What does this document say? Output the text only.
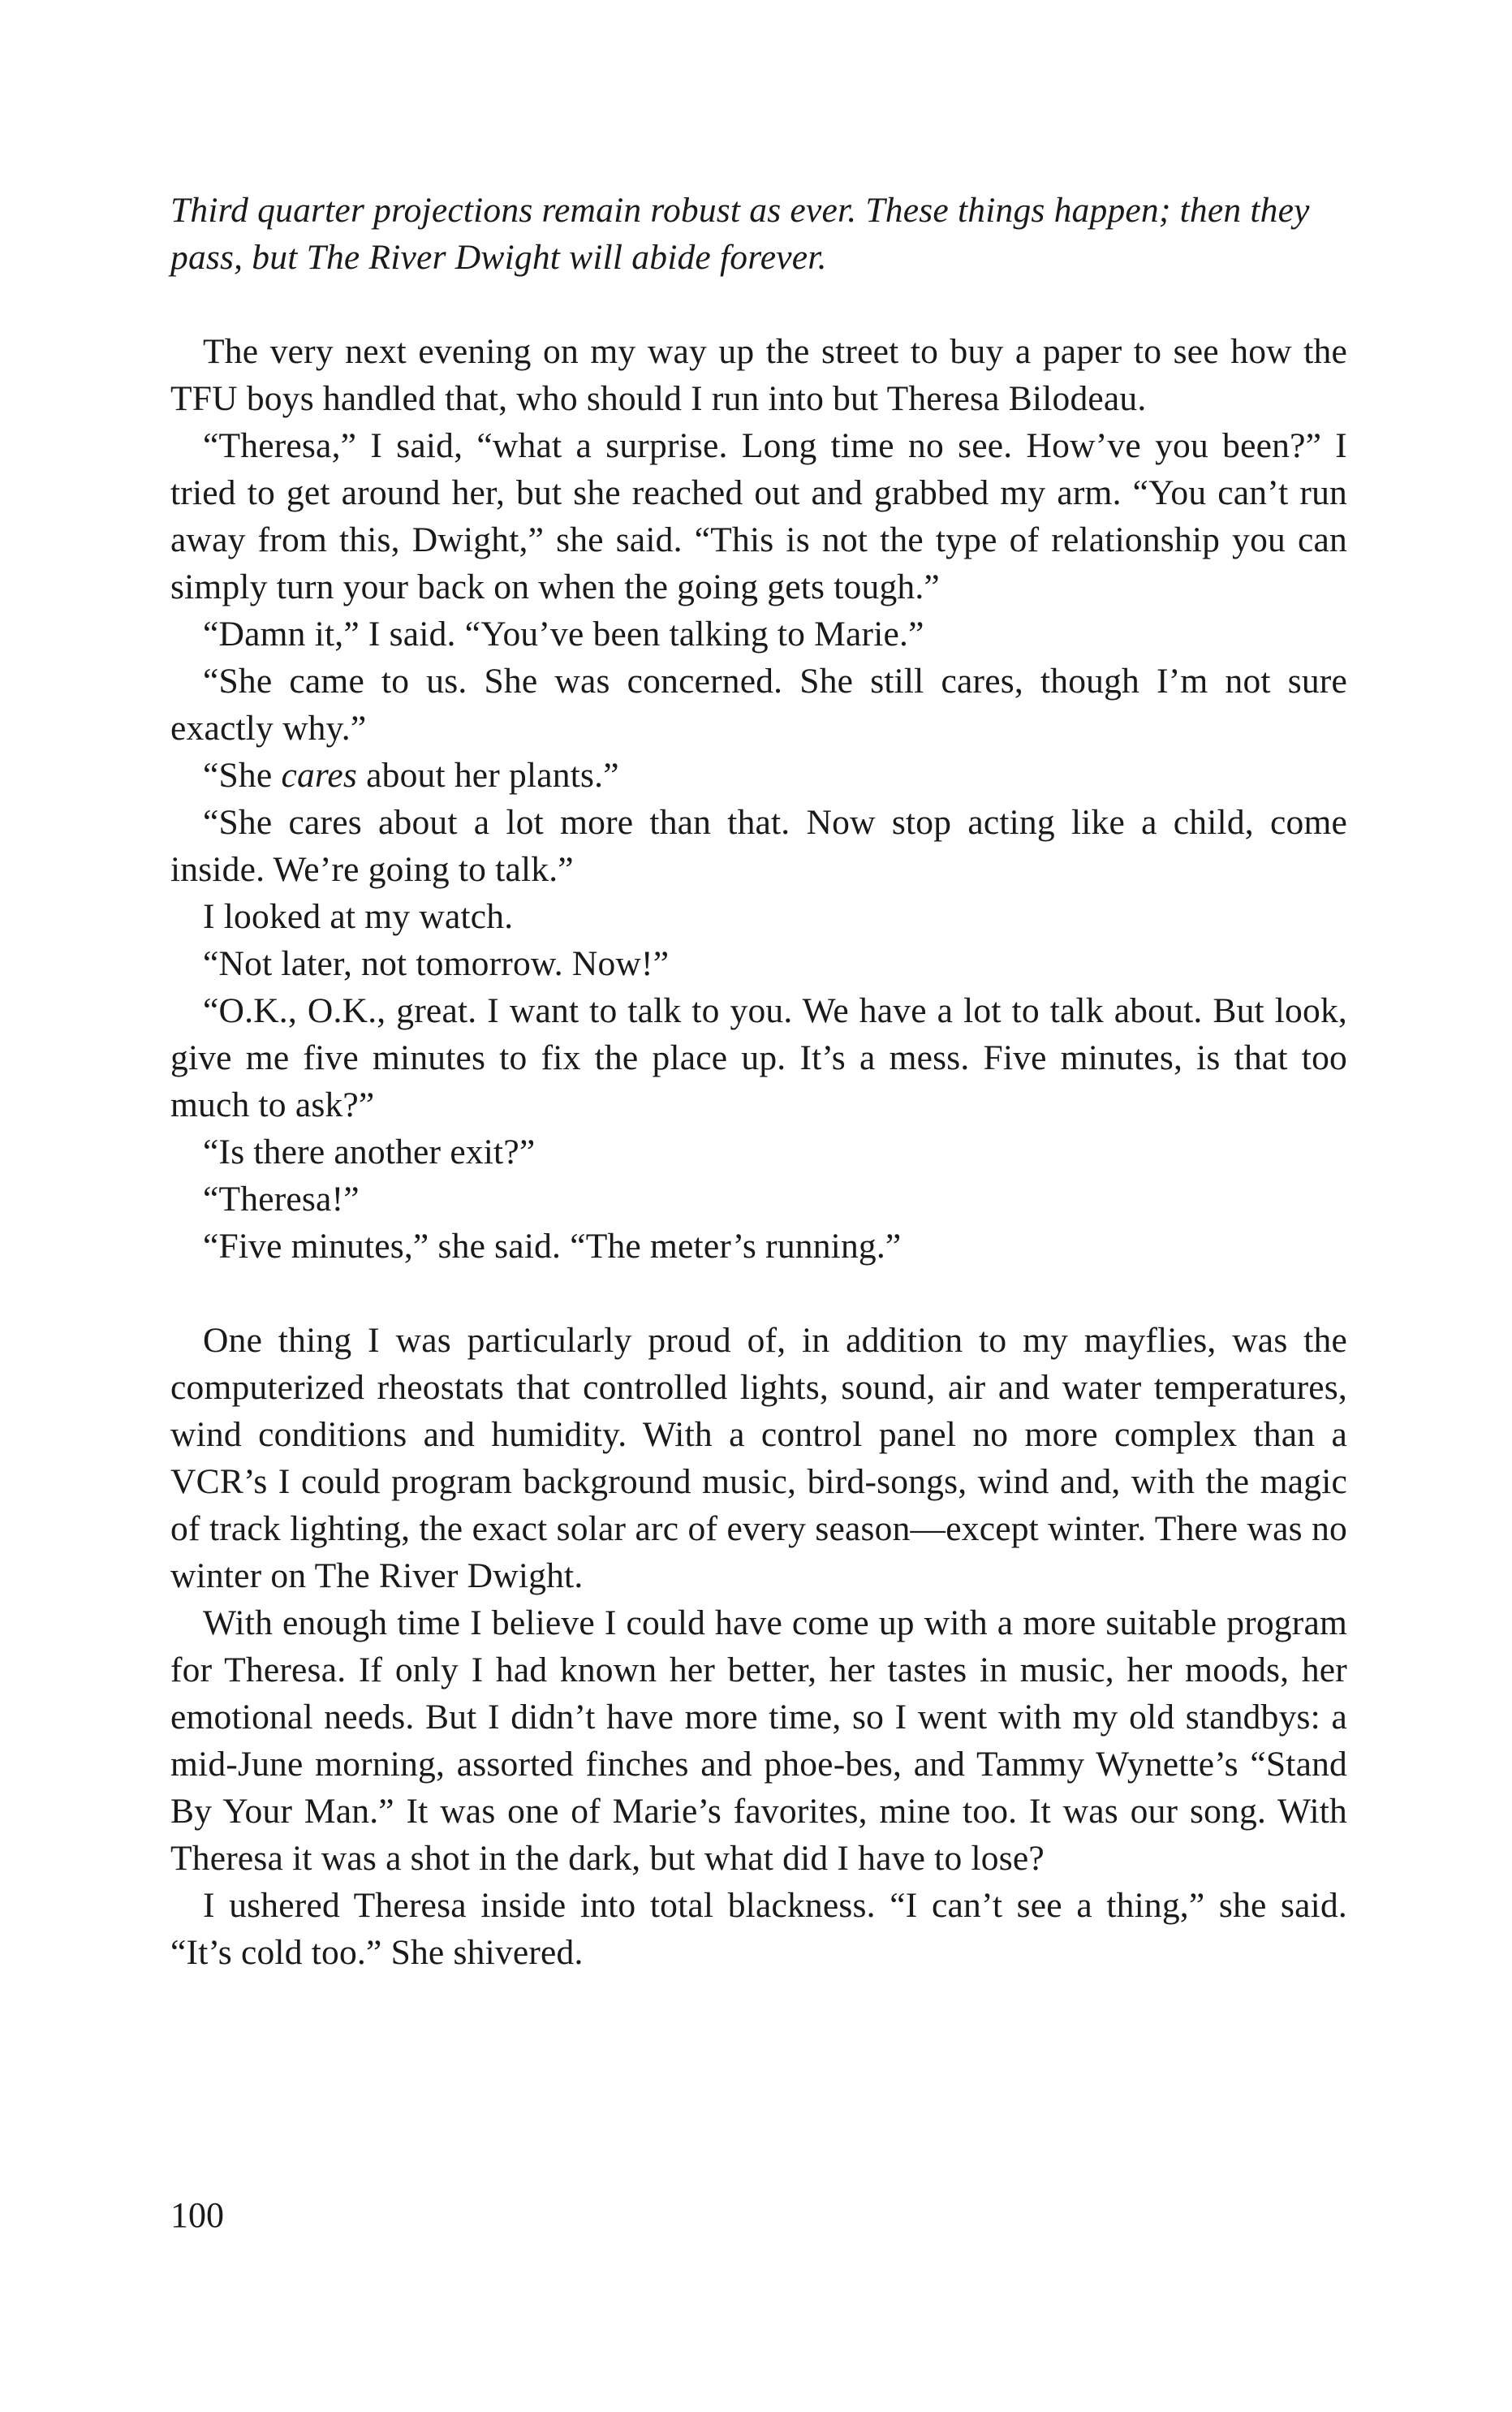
Third quarter projections remain robust as ever. These things happen; then they pass, but The River Dwight will abide forever.

The very next evening on my way up the street to buy a paper to see how the TFU boys handled that, who should I run into but Theresa Bilodeau.

“Theresa,” I said, “what a surprise. Long time no see. How’ve you been?” I tried to get around her, but she reached out and grabbed my arm. “You can’t run away from this, Dwight,” she said. “This is not the type of relationship you can simply turn your back on when the going gets tough.”

“Damn it,” I said. “You’ve been talking to Marie.”

“She came to us. She was concerned. She still cares, though I’m not sure exactly why.”

“She cares about her plants.”

“She cares about a lot more than that. Now stop acting like a child, come inside. We’re going to talk.”

I looked at my watch.

“Not later, not tomorrow. Now!”

“O.K., O.K., great. I want to talk to you. We have a lot to talk about. But look, give me five minutes to fix the place up. It’s a mess. Five minutes, is that too much to ask?”

“Is there another exit?”

“Theresa!”

“Five minutes,” she said. “The meter’s running.”

One thing I was particularly proud of, in addition to my mayflies, was the computerized rheostats that controlled lights, sound, air and water temperatures, wind conditions and humidity. With a control panel no more complex than a VCR’s I could program background music, bird-songs, wind and, with the magic of track lighting, the exact solar arc of every season—except winter. There was no winter on The River Dwight.

With enough time I believe I could have come up with a more suitable program for Theresa. If only I had known her better, her tastes in music, her moods, her emotional needs. But I didn’t have more time, so I went with my old standbys: a mid-June morning, assorted finches and phoe-bes, and Tammy Wynette’s “Stand By Your Man.” It was one of Marie’s favorites, mine too. It was our song. With Theresa it was a shot in the dark, but what did I have to lose?

I ushered Theresa inside into total blackness. “I can’t see a thing,” she said. “It’s cold too.” She shivered.

100
